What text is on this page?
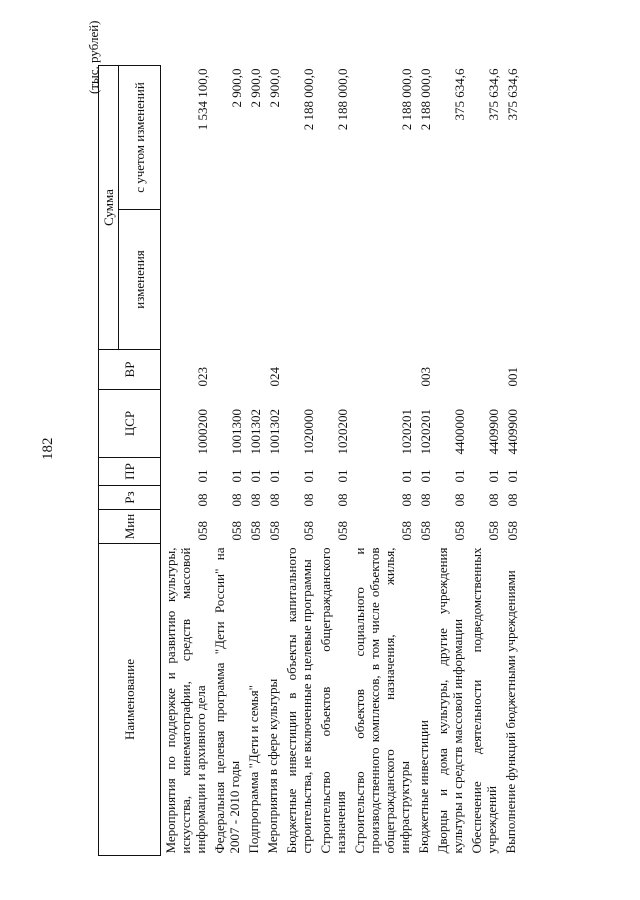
182
(тыс. рублей)
Наименование	Мин	Рз	ПР	ЦСР	ВР	Сумма	
						изменения	с учетом изменений
Мероприятия по поддержке и развитию культуры, искусства, кинематографии, средств массовой информации и архивного дела	058	08	01	1000200	023		1 534 100,0
Федеральная целевая программа "Дети России" на 2007 - 2010 годы	058	08	01	1001300			2 900,0
Подпрограмма "Дети и семья"	058	08	01	1001302			2 900,0
Мероприятия в сфере культуры	058	08	01	1001302	024		2 900,0
Бюджетные инвестиции в объекты капитального строительства, не включенные в целевые программы	058	08	01	1020000			2 188 000,0
Строительство объектов общегражданского назначения	058	08	01	1020200			2 188 000,0
Строительство объектов социального и производственного комплексов, в том числе объектов общегражданского назначения, жилья, инфраструктуры	058	08	01	1020201			2 188 000,0
Бюджетные инвестиции	058	08	01	1020201	003		2 188 000,0
Дворцы и дома культуры, другие учреждения культуры и средств массовой информации	058	08	01	4400000			375 634,6
Обеспечение деятельности подведомственных учреждений	058	08	01	4409900			375 634,6
Выполнение функций бюджетными учреждениями	058	08	01	4409900	001		375 634,6
